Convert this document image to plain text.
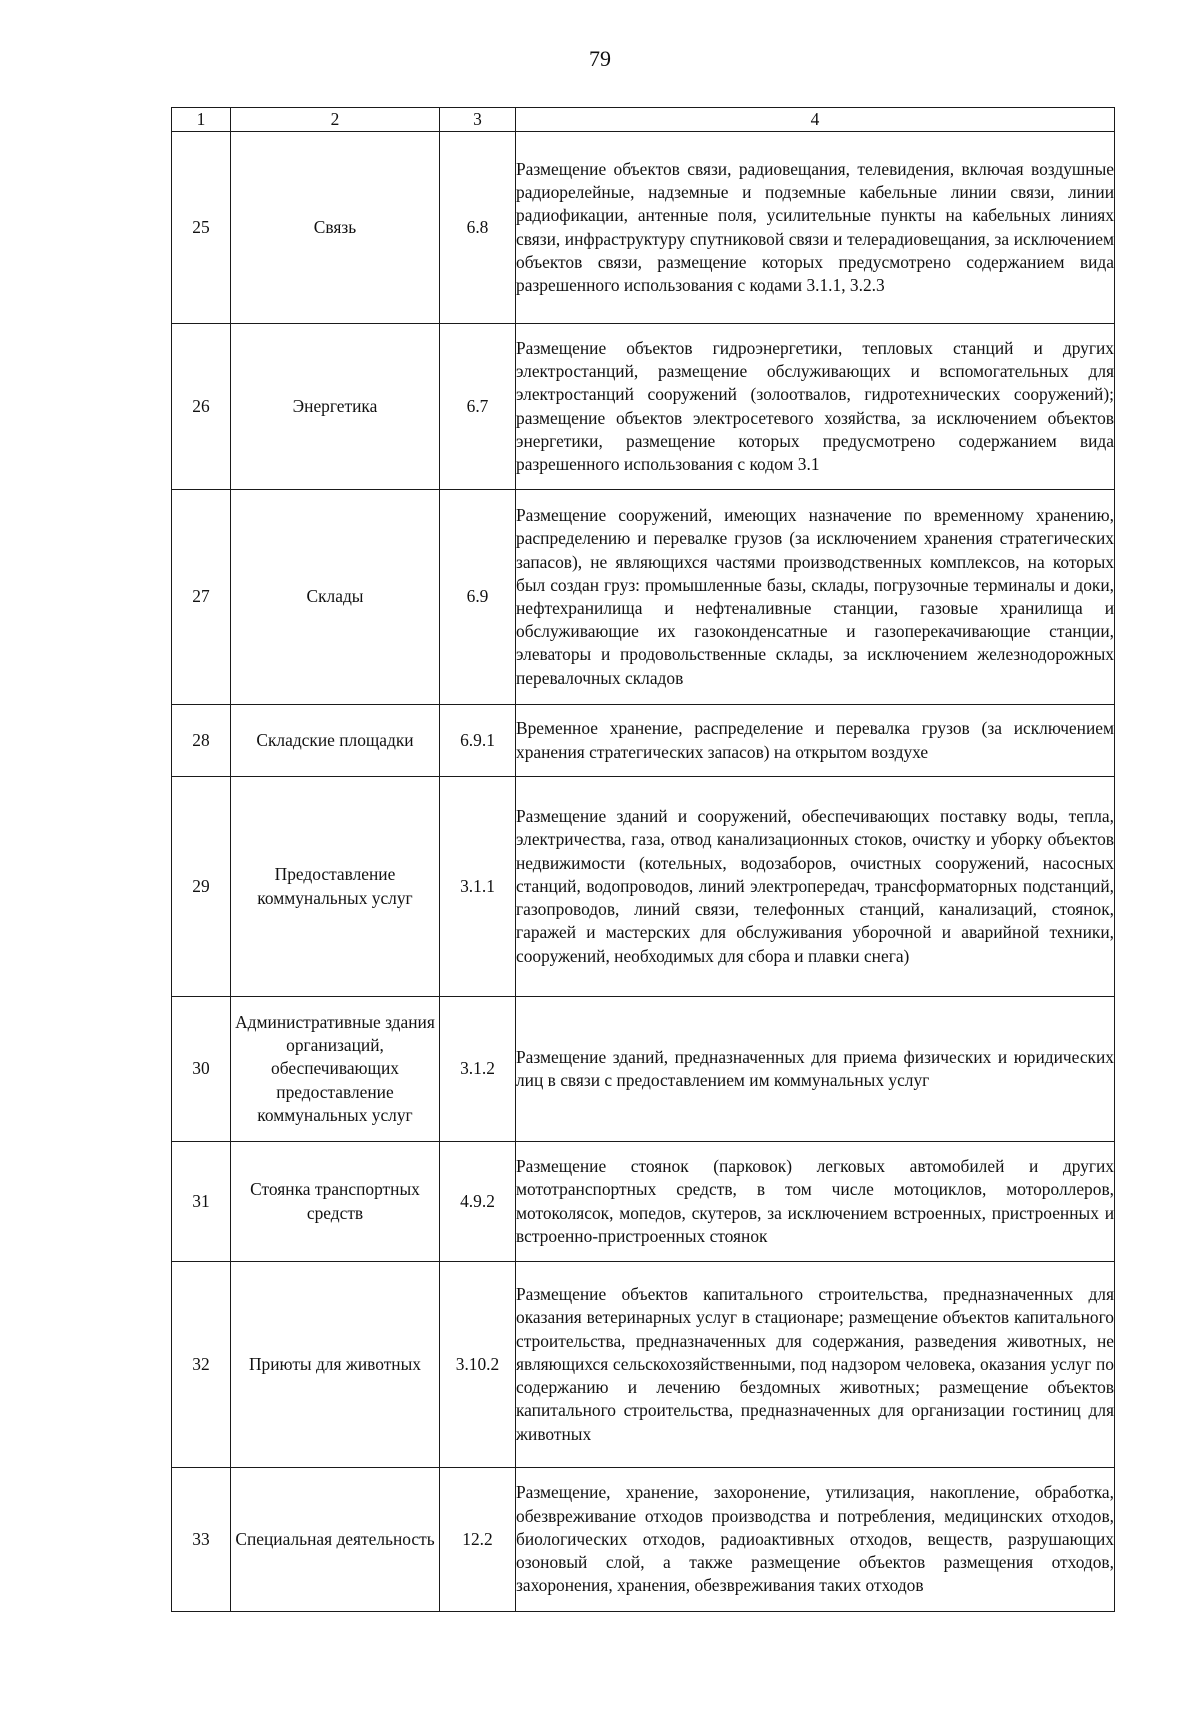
79
1	2	3	4
25	Связь	6.8	Размещение объектов связи, радиовещания, телевидения, включая воздушные радиорелейные, надземные и подземные кабельные линии связи, линии радиофикации, антенные поля, усилительные пункты на кабельных линиях связи, инфраструктуру спутниковой связи и телерадиовещания, за исключением объектов связи, размещение которых предусмотрено содержанием вида разрешенного использования с кодами 3.1.1, 3.2.3
26	Энергетика	6.7	Размещение объектов гидроэнергетики, тепловых станций и других электростанций, размещение обслуживающих и вспомогательных для электростанций сооружений (золоотвалов, гидротехнических сооружений); размещение объектов электросетевого хозяйства, за исключением объектов энергетики, размещение которых предусмотрено содержанием вида разрешенного использования с кодом 3.1
27	Склады	6.9	Размещение сооружений, имеющих назначение по временному хранению, распределению и перевалке грузов (за исключением хранения стратегических запасов), не являющихся частями производственных комплексов, на которых был создан груз: промышленные базы, склады, погрузочные терминалы и доки, нефтехранилища и нефтеналивные станции, газовые хранилища и обслуживающие их газоконденсатные и газоперекачивающие станции, элеваторы и продовольственные склады, за исключением железнодорожных перевалочных складов
28	Складские площадки	6.9.1	Временное хранение, распределение и перевалка грузов (за исключением хранения стратегических запасов) на открытом воздухе
29	Предоставление коммунальных услуг	3.1.1	Размещение зданий и сооружений, обеспечивающих поставку воды, тепла, электричества, газа, отвод канализационных стоков, очистку и уборку объектов недвижимости (котельных, водозаборов, очистных сооружений, насосных станций, водопроводов, линий электропередач, трансформаторных подстанций, газопроводов, линий связи, телефонных станций, канализаций, стоянок, гаражей и мастерских для обслуживания уборочной и аварийной техники, сооружений, необходимых для сбора и плавки снега)
30	Административные здания организаций, обеспечивающих предоставление коммунальных услуг	3.1.2	Размещение зданий, предназначенных для приема физических и юридических лиц в связи с предоставлением им коммунальных услуг
31	Стоянка транспортных средств	4.9.2	Размещение стоянок (парковок) легковых автомобилей и других мототранспортных средств, в том числе мотоциклов, мотороллеров, мотоколясок, мопедов, скутеров, за исключением встроенных, пристроенных и встроенно-пристроенных стоянок
32	Приюты для животных	3.10.2	Размещение объектов капитального строительства, предназначенных для оказания ветеринарных услуг в стационаре; размещение объектов капитального строительства, предназначенных для содержания, разведения животных, не являющихся сельскохозяйственными, под надзором человека, оказания услуг по содержанию и лечению бездомных животных; размещение объектов капитального строительства, предназначенных для организации гостиниц для животных
33	Специальная деятельность	12.2	Размещение, хранение, захоронение, утилизация, накопление, обработка, обезвреживание отходов производства и потребления, медицинских отходов, биологических отходов, радиоактивных отходов, веществ, разрушающих озоновый слой, а также размещение объектов размещения отходов, захоронения, хранения, обезвреживания таких отходов
